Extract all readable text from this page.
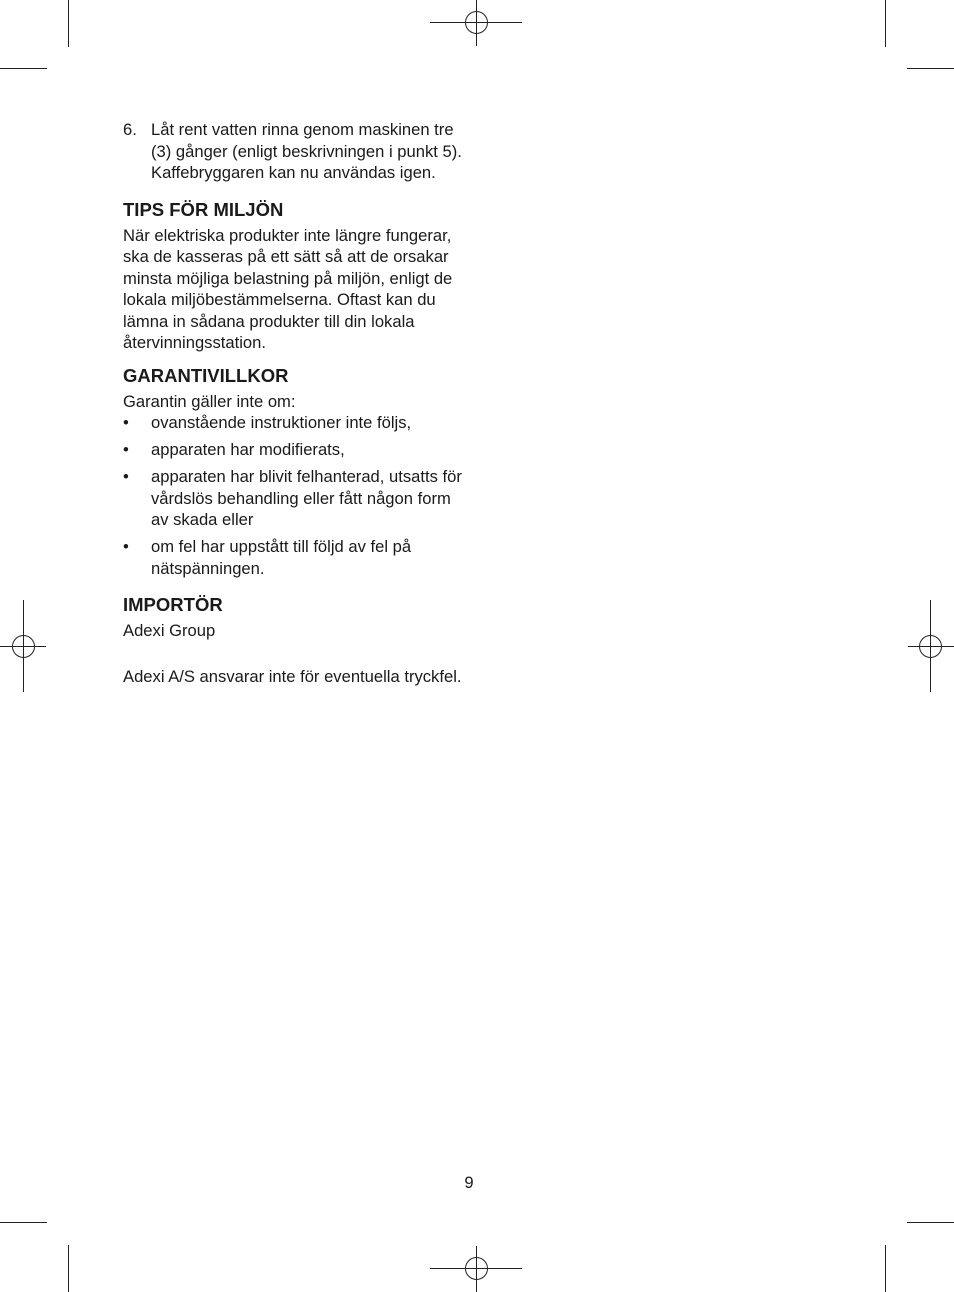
6. Låt rent vatten rinna genom maskinen tre (3) gånger (enligt beskrivningen i punkt 5). Kaffebryggaren kan nu användas igen.
TIPS FÖR MILJÖN

När elektriska produkter inte längre fungerar, ska de kasseras på ett sätt så att de orsakar minsta möjliga belastning på miljön, enligt de lokala miljöbestämmelserna. Oftast kan du lämna in sådana produkter till din lokala återvinningsstation.

GARANTIVILLKOR

Garantin gäller inte om:

•	ovanstående instruktioner inte följs,
•	apparaten har modifierats,
•	apparaten har blivit felhanterad, utsatts för vårdslös behandling eller fått någon form av skada eller
•	om fel har uppstått till följd av fel på nätspänningen.
IMPORTÖR

Adexi Group

Adexi A/S ansvarar inte för eventuella tryckfel.

9
